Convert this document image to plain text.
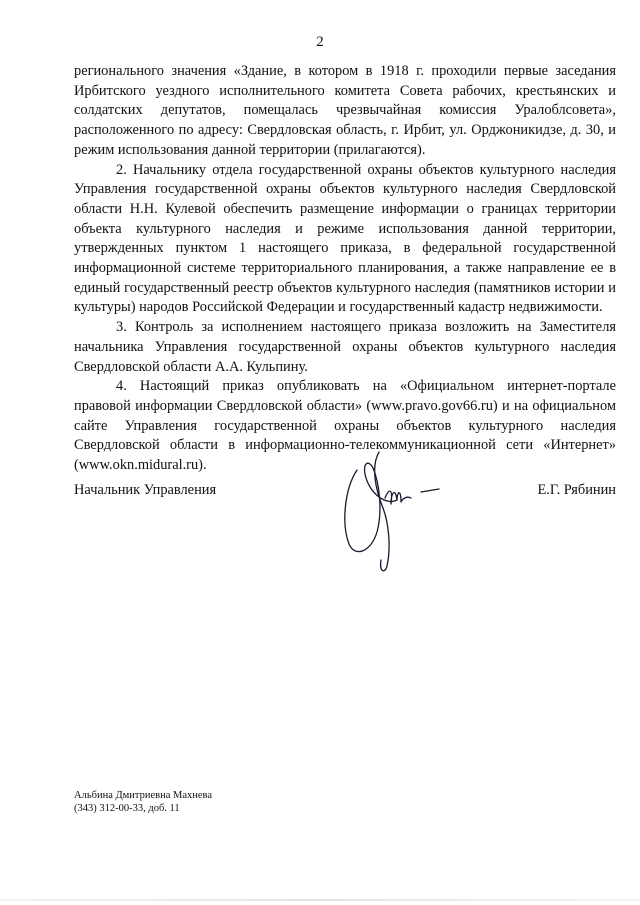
2

регионального значения «Здание, в котором в 1918 г. проходили первые заседания Ирбитского уездного исполнительного комитета Совета рабочих, крестьянских и солдатских депутатов, помещалась чрезвычайная комиссия Уралоблсовета», расположенного по адресу: Свердловская область, г. Ирбит, ул. Орджоникидзе, д. 30, и режим использования данной территории (прилагаются).

2. Начальнику отдела государственной охраны объектов культурного наследия Управления государственной охраны объектов культурного наследия Свердловской области Н.Н. Кулевой обеспечить размещение информации о границах территории объекта культурного наследия и режиме использования данной территории, утвержденных пунктом 1 настоящего приказа, в федеральной государственной информационной системе территориального планирования, а также направление ее в единый государственный реестр объектов культурного наследия (памятников истории и культуры) народов Российской Федерации и государственный кадастр недвижимости.

3. Контроль за исполнением настоящего приказа возложить на Заместителя начальника Управления государственной охраны объектов культурного наследия Свердловской области А.А. Кульпину.

4. Настоящий приказ опубликовать на «Официальном интернет-портале правовой информации Свердловской области» (www.pravo.gov66.ru) и на официальном сайте Управления государственной охраны объектов культурного наследия Свердловской области в информационно-телекоммуникационной сети «Интернет» (www.okn.midural.ru).

Начальник Управления	Е.Г. Рябинин
Альбина Дмитриевна Махнева
(343) 312-00-33, доб. 11
